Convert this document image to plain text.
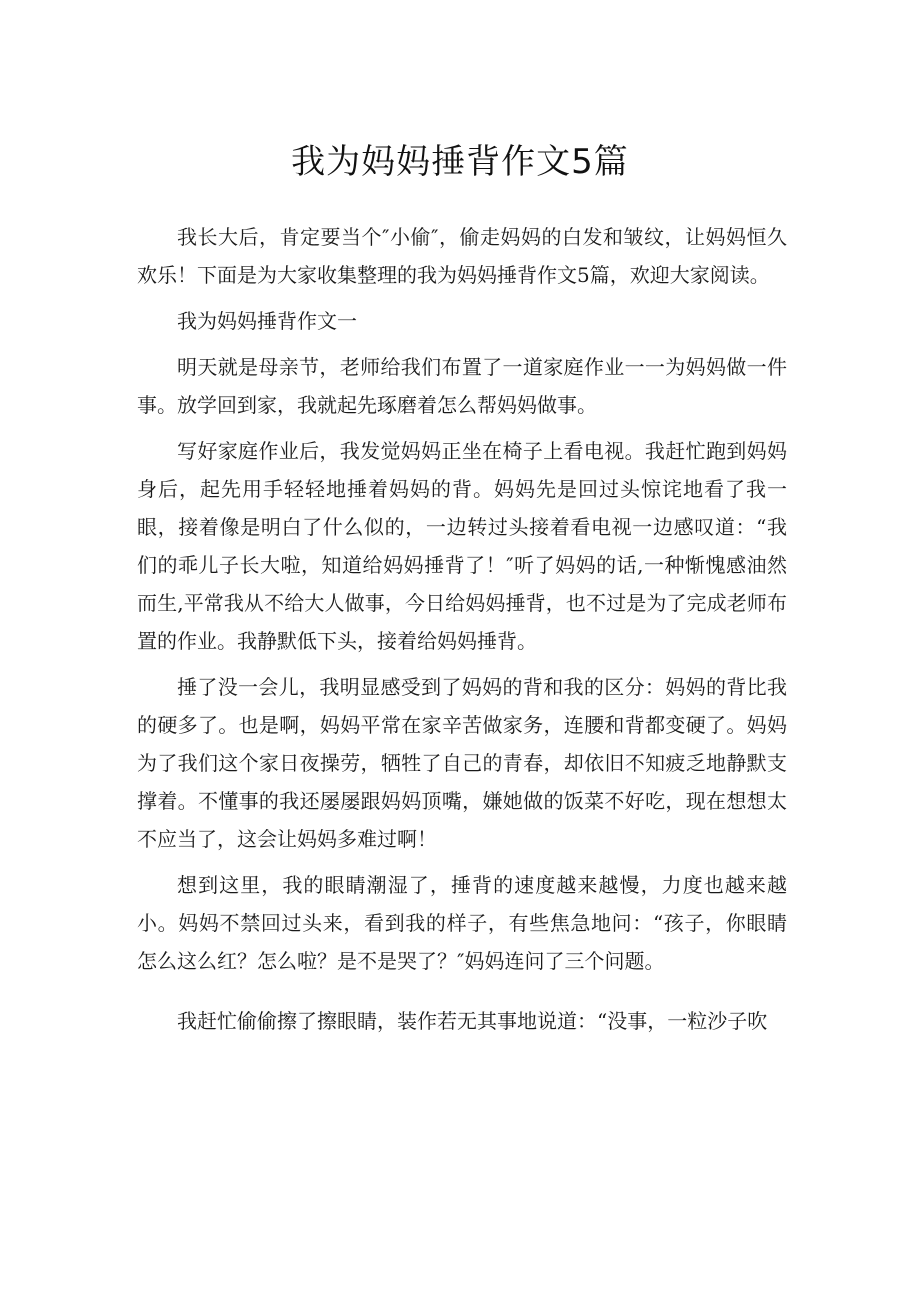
我为妈妈捶背作文5篇

我长大后，肯定要当个″小偷″，偷走妈妈的白发和皱纹，让妈妈恒久欢乐！下面是为大家收集整理的我为妈妈捶背作文5篇，欢迎大家阅读。

我为妈妈捶背作文一

明天就是母亲节，老师给我们布置了一道家庭作业一一为妈妈做一件事。放学回到家，我就起先琢磨着怎么帮妈妈做事。

写好家庭作业后，我发觉妈妈正坐在椅子上看电视。我赶忙跑到妈妈身后，起先用手轻轻地捶着妈妈的背。妈妈先是回过头惊诧地看了我一眼，接着像是明白了什么似的，一边转过头接着看电视一边感叹道：“我们的乖儿子长大啦，知道给妈妈捶背了！″听了妈妈的话,一种惭愧感油然而生,平常我从不给大人做事，今日给妈妈捶背，也不过是为了完成老师布置的作业。我静默低下头，接着给妈妈捶背。

捶了没一会儿，我明显感受到了妈妈的背和我的区分：妈妈的背比我的硬多了。也是啊，妈妈平常在家辛苦做家务，连腰和背都变硬了。妈妈为了我们这个家日夜操劳，牺牲了自己的青春，却依旧不知疲乏地静默支撑着。不懂事的我还屡屡跟妈妈顶嘴，嫌她做的饭菜不好吃，现在想想太不应当了，这会让妈妈多难过啊！

想到这里，我的眼睛潮湿了，捶背的速度越来越慢，力度也越来越小。妈妈不禁回过头来，看到我的样子，有些焦急地问：“孩子，你眼睛怎么这么红？怎么啦？是不是哭了？″妈妈连问了三个问题。

我赶忙偷偷擦了擦眼睛，装作若无其事地说道：“没事，一粒沙子吹
